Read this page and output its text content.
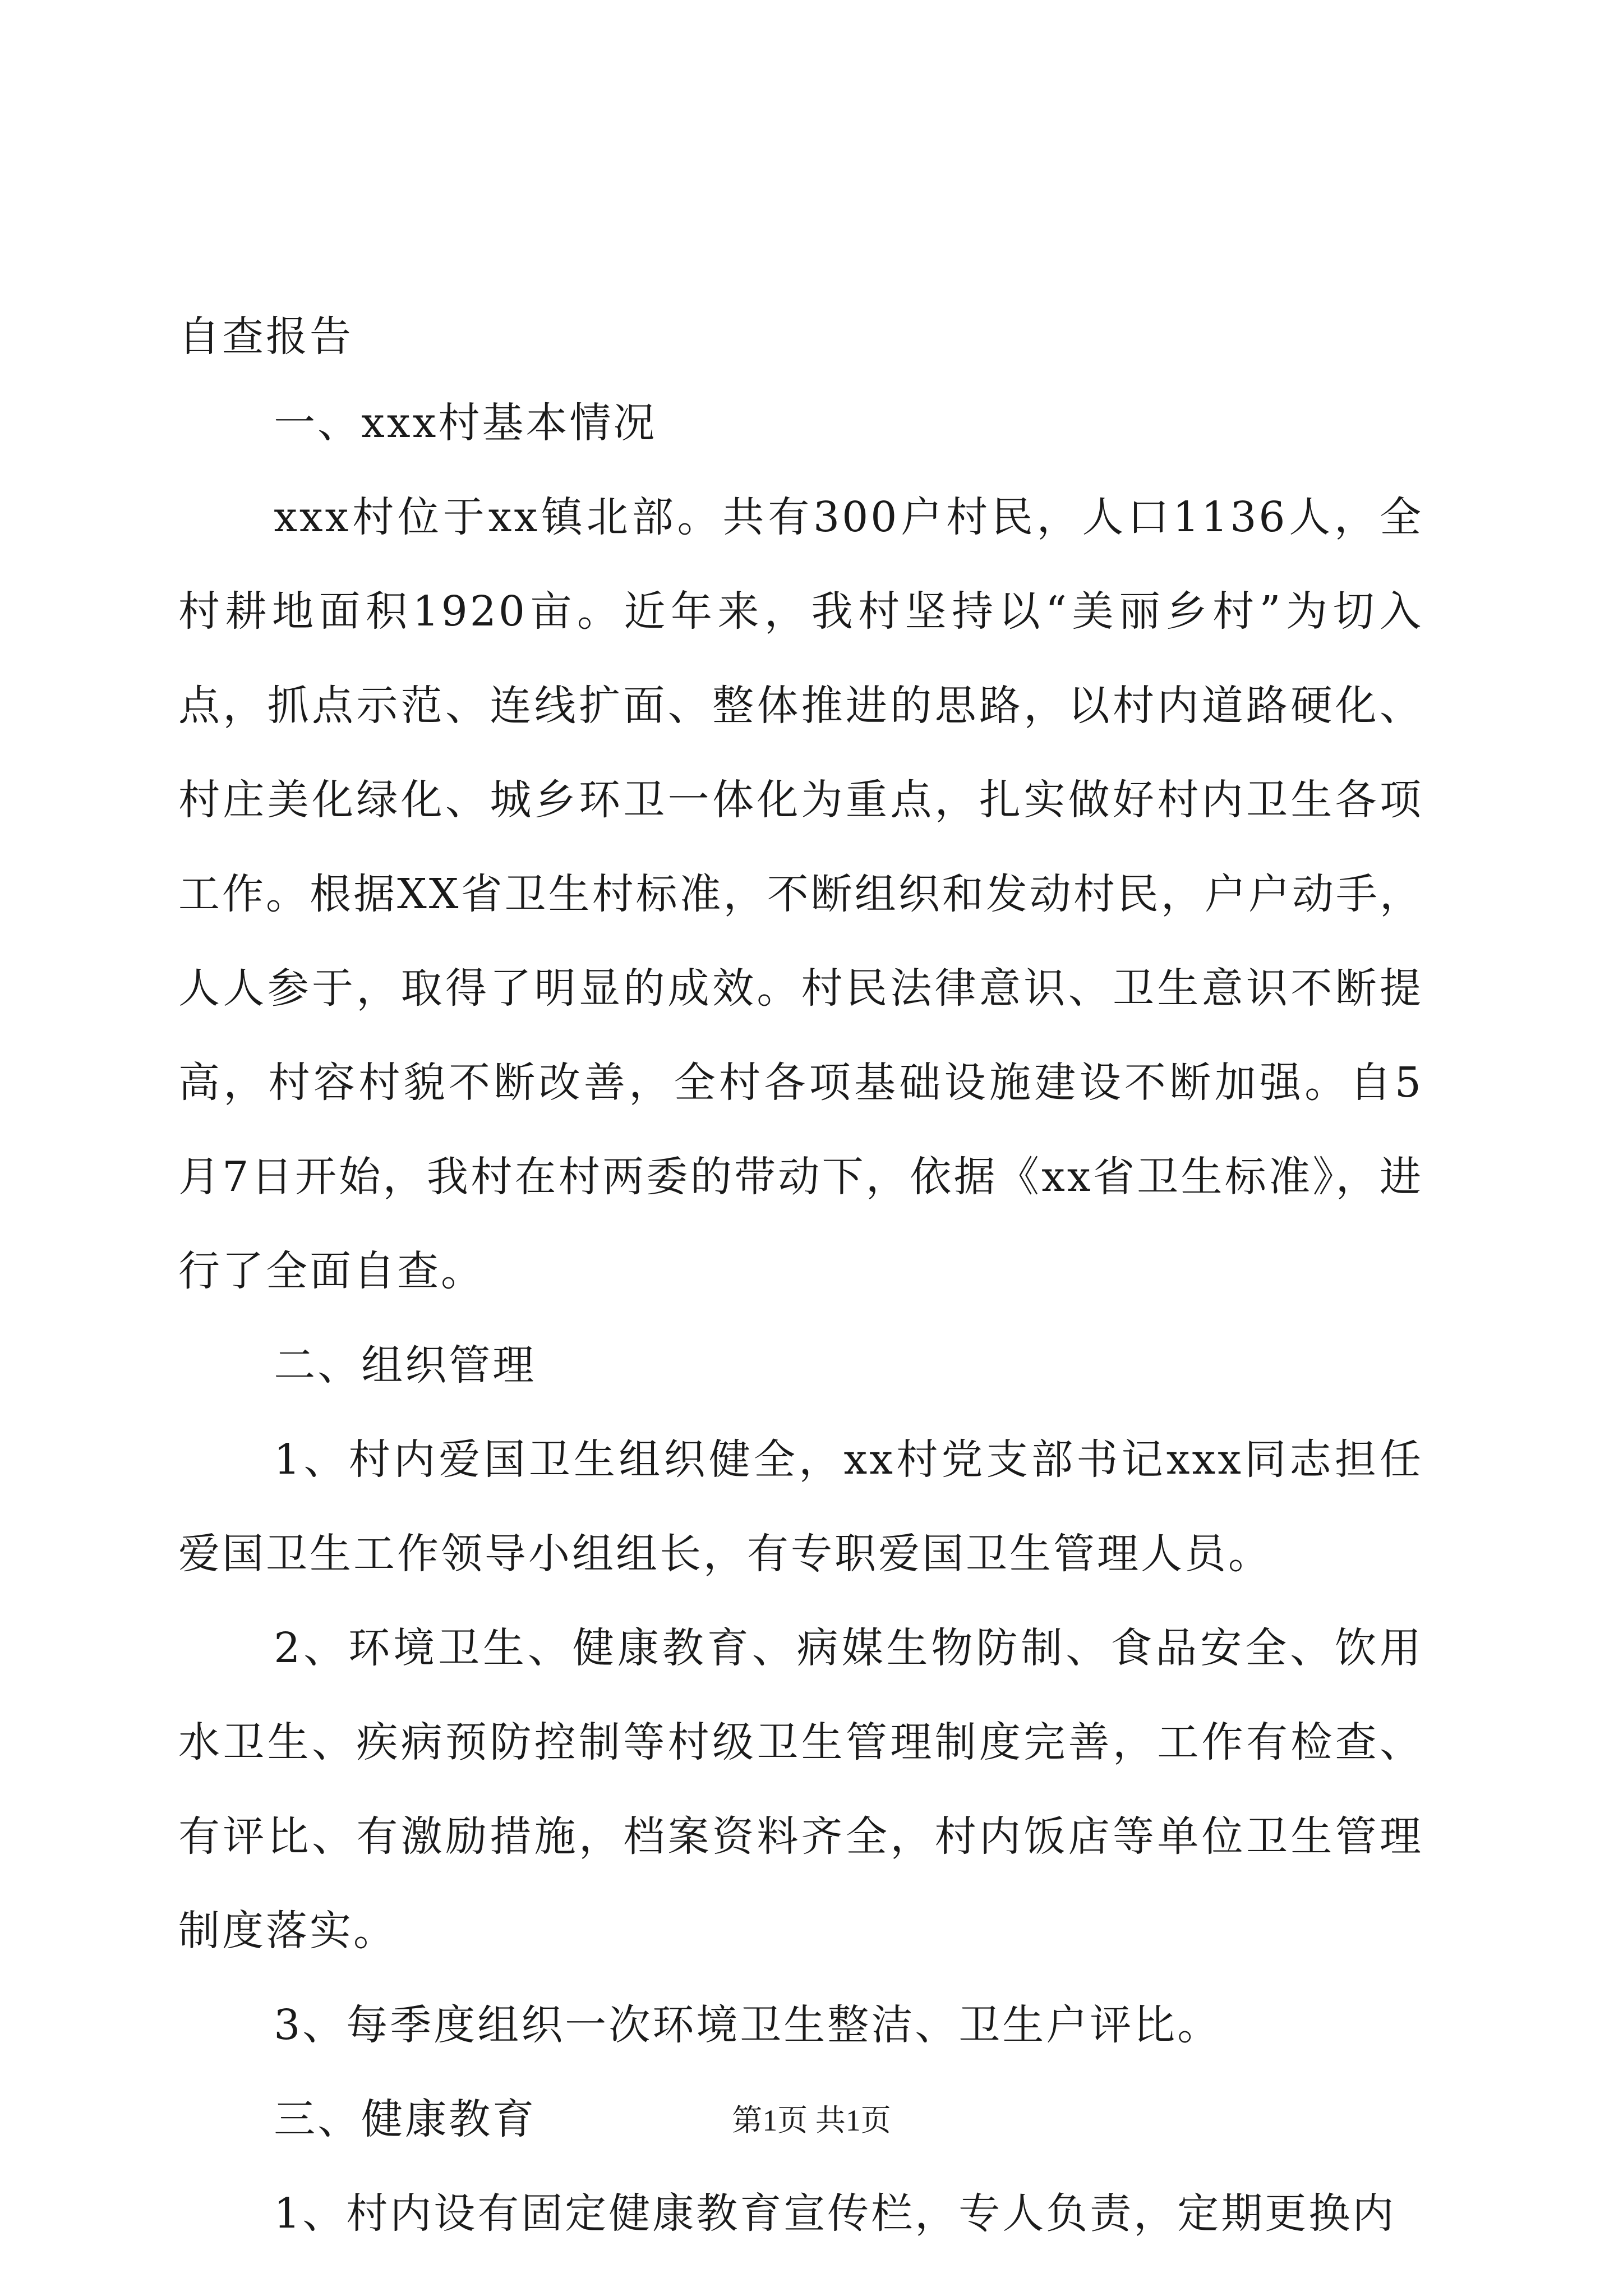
自查报告

一、xxx村基本情况

xxx村位于xx镇北部。共有300户村民，人口1136人，全村耕地面积1920亩。近年来，我村坚持以“美丽乡村”为切入点，抓点示范、连线扩面、整体推进的思路，以村内道路硬化、村庄美化绿化、城乡环卫一体化为重点，扎实做好村内卫生各项工作。根据XX省卫生村标准，不断组织和发动村民，户户动手，人人参于，取得了明显的成效。村民法律意识、卫生意识不断提高，村容村貌不断改善，全村各项基础设施建设不断加强。自5月7日开始，我村在村两委的带动下，依据《xx省卫生标准》，进行了全面自查。

二、组织管理

1、村内爱国卫生组织健全，xx村党支部书记xxx同志担任爱国卫生工作领导小组组长，有专职爱国卫生管理人员。

2、环境卫生、健康教育、病媒生物防制、食品安全、饮用水卫生、疾病预防控制等村级卫生管理制度完善，工作有检查、有评比、有激励措施，档案资料齐全，村内饭店等单位卫生管理制度落实。

3、每季度组织一次环境卫生整洁、卫生户评比。

三、健康教育

1、村内设有固定健康教育宣传栏，专人负责，定期更换内

第1页 共1页
